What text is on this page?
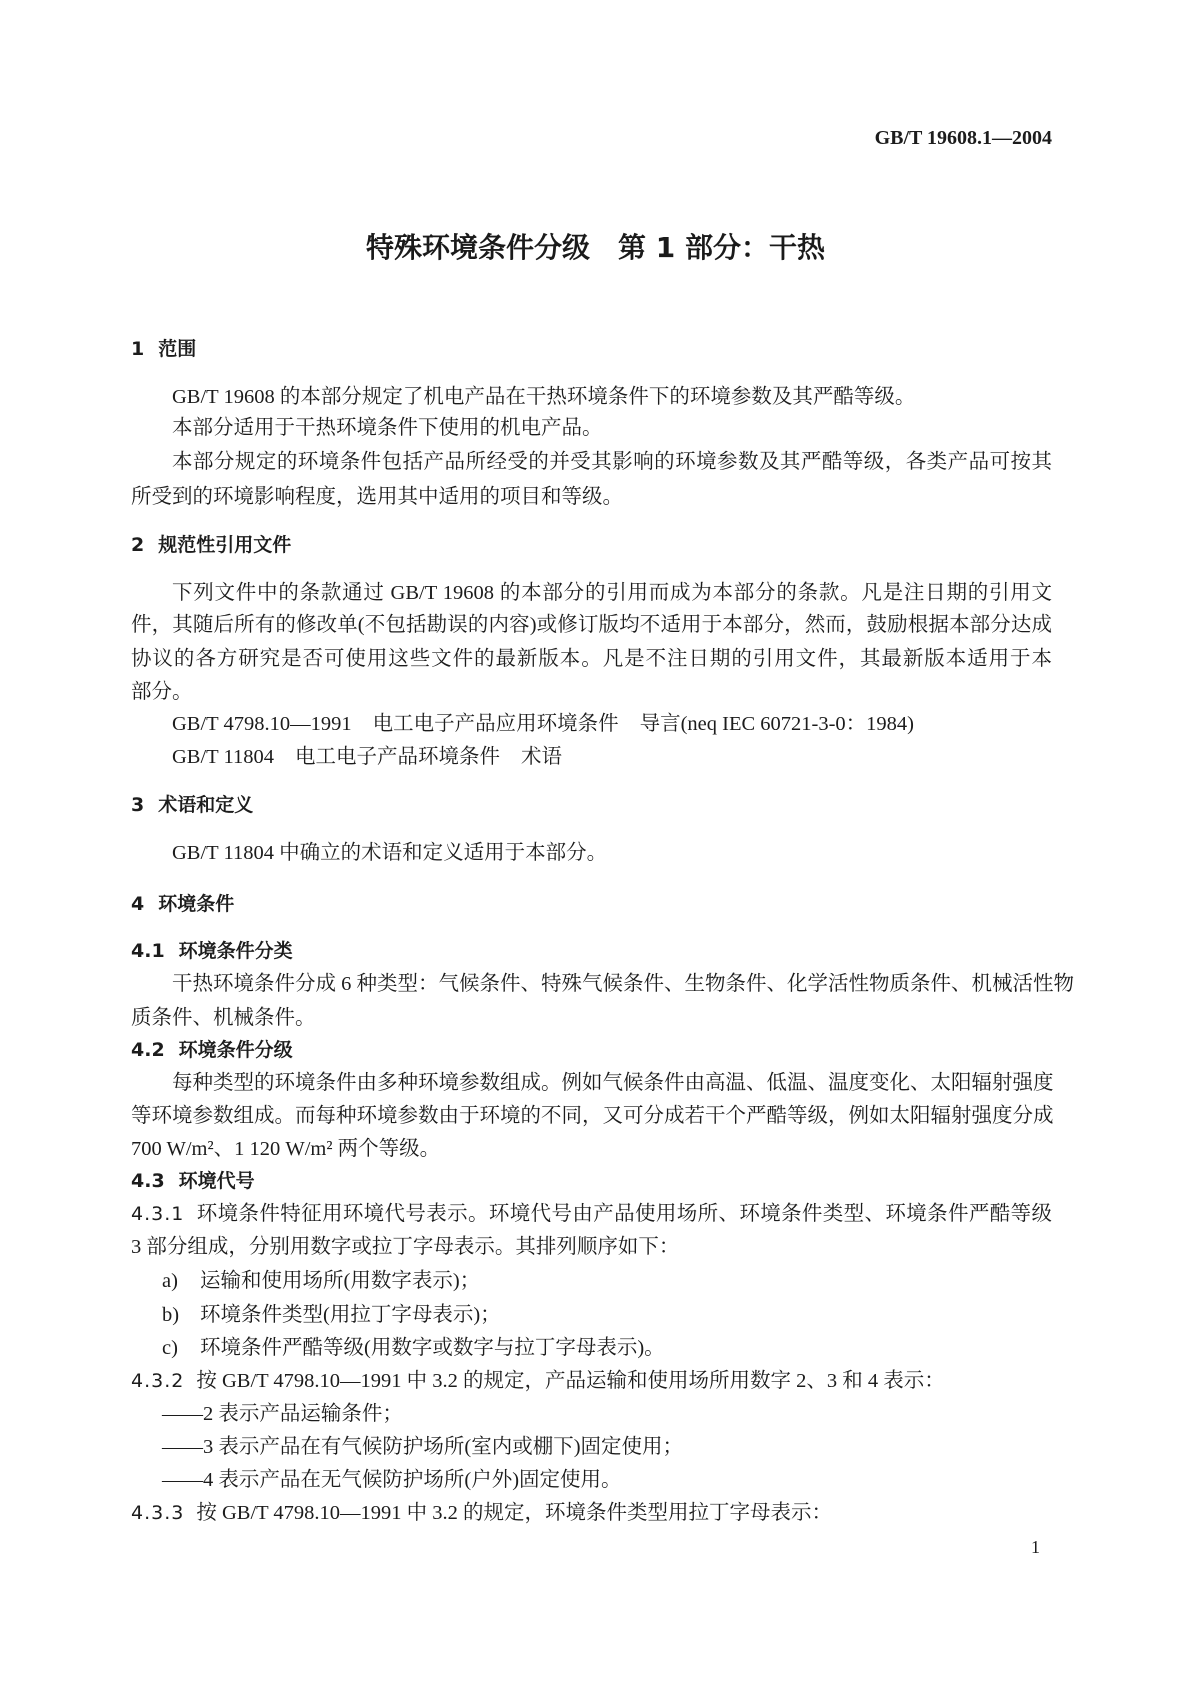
GB/T 19608.1—2004
特殊环境条件分级　第 1 部分：干热
1 范围
GB/T 19608 的本部分规定了机电产品在干热环境条件下的环境参数及其严酷等级。
本部分适用于干热环境条件下使用的机电产品。
本部分规定的环境条件包括产品所经受的并受其影响的环境参数及其严酷等级，各类产品可按其
所受到的环境影响程度，选用其中适用的项目和等级。
2 规范性引用文件
下列文件中的条款通过 GB/T 19608 的本部分的引用而成为本部分的条款。凡是注日期的引用文
件，其随后所有的修改单(不包括勘误的内容)或修订版均不适用于本部分，然而，鼓励根据本部分达成
协议的各方研究是否可使用这些文件的最新版本。凡是不注日期的引用文件，其最新版本适用于本
部分。
GB/T 4798.10—1991 电工电子产品应用环境条件 导言(neq IEC 60721-3-0：1984)
GB/T 11804 电工电子产品环境条件 术语
3 术语和定义
GB/T 11804 中确立的术语和定义适用于本部分。
4 环境条件
4.1 环境条件分类
干热环境条件分成 6 种类型：气候条件、特殊气候条件、生物条件、化学活性物质条件、机械活性物
质条件、机械条件。
4.2 环境条件分级
每种类型的环境条件由多种环境参数组成。例如气候条件由高温、低温、温度变化、太阳辐射强度
等环境参数组成。而每种环境参数由于环境的不同，又可分成若干个严酷等级，例如太阳辐射强度分成
700 W/m²、1 120 W/m² 两个等级。
4.3 环境代号
4.3.1 环境条件特征用环境代号表示。环境代号由产品使用场所、环境条件类型、环境条件严酷等级
3 部分组成，分别用数字或拉丁字母表示。其排列顺序如下：
a) 运输和使用场所(用数字表示)；
b) 环境条件类型(用拉丁字母表示)；
c) 环境条件严酷等级(用数字或数字与拉丁字母表示)。
4.3.2 按 GB/T 4798.10—1991 中 3.2 的规定，产品运输和使用场所用数字 2、3 和 4 表示：
——2 表示产品运输条件；
——3 表示产品在有气候防护场所(室内或棚下)固定使用；
——4 表示产品在无气候防护场所(户外)固定使用。
4.3.3 按 GB/T 4798.10—1991 中 3.2 的规定，环境条件类型用拉丁字母表示：
1
